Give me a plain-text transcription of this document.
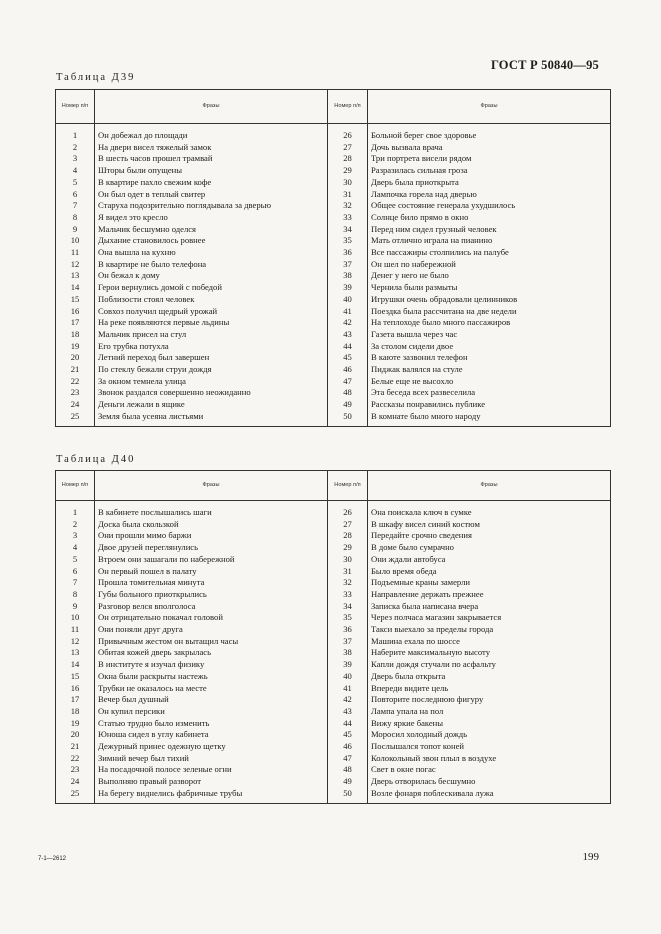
ГОСТ Р 50840—95
Таблица Д39
Номер п/п	Фразы	Номер п/п	Фразы
1	Он добежал до площади	26	Больной берег свое здоровье
2	На двери висел тяжелый замок	27	Дочь вызвала врача
3	В шесть часов прошел трамвай	28	Три портрета висели рядом
4	Шторы были опущены	29	Разразилась сильная гроза
5	В квартире пахло свежим кофе	30	Дверь была приоткрыта
6	Он был одет в теплый свитер	31	Лампочка горела над дверью
7	Старуха подозрительно поглядывала за дверью	32	Общее состояние генерала ухудшилось
8	Я видел это кресло	33	Солнце било прямо в окно
9	Мальчик бесшумно оделся	34	Перед ним сидел грузный человек
10	Дыхание становилось ровнее	35	Мать отлично играла на пианино
11	Она вышла на кухню	36	Все пассажиры столпились на палубе
12	В квартире не было телефона	37	Он шел по набережной
13	Он бежал к дому	38	Денег у него не было
14	Герои вернулись домой с победой	39	Чернила были размыты
15	Поблизости стоял человек	40	Игрушки очень обрадовали целинников
16	Совхоз получил щедрый урожай	41	Поездка была рассчитана на две недели
17	На реке появляются первые льдины	42	На теплоходе было много пассажиров
18	Мальчик присел на стул	43	Газета вышла через час
19	Его трубка потухла	44	За столом сидели двое
20	Летний переход был завершен	45	В каюте зазвонил телефон
21	По стеклу бежали струи дождя	46	Пиджак валялся на стуле
22	За окном темнела улица	47	Белые еще не высохло
23	Звонок раздался совершенно неожиданно	48	Эта беседа всех развеселила
24	Деньги лежали в ящике	49	Рассказы понравились публике
25	Земля была усеяна листьями	50	В комнате было много народу
Таблица Д40
Номер п/п	Фразы	Номер п/п	Фразы
1	В кабинете послышались шаги	26	Она поискала ключ в сумке
2	Доска была скользкой	27	В шкафу висел синий костюм
3	Они прошли мимо баржи	28	Передайте срочно сведения
4	Двое друзей переглянулись	29	В доме было сумрачно
5	Втроем они зашагали по набережной	30	Они ждали автобуса
6	Он первый пошел в палату	31	Было время обеда
7	Прошла томительная минута	32	Подъемные краны замерли
8	Губы больного приоткрылись	33	Направление держать прежнее
9	Разговор велся вполголоса	34	Записка была написана вчера
10	Он отрицательно покачал головой	35	Через полчаса магазин закрывается
11	Они поняли друг друга	36	Такси выехало за пределы города
12	Привычным жестом он вытащил часы	37	Машина ехала по шоссе
13	Обитая кожей дверь закрылась	38	Наберите максимальную высоту
14	В институте я изучал физику	39	Капли дождя стучали по асфальту
15	Окна были раскрыты настежь	40	Дверь была открыта
16	Трубки не оказалось на месте	41	Впереди видите цель
17	Вечер был душный	42	Повторите последнюю фигуру
18	Он купил персики	43	Лампа упала на пол
19	Статью трудно было изменить	44	Вижу яркие бакены
20	Юноша сидел в углу кабинета	45	Моросил холодный дождь
21	Дежурный принес одежную щетку	46	Послышался топот коней
22	Зимний вечер был тихий	47	Колокольный звон плыл в воздухе
23	На посадочной полосе зеленые огни	48	Свет в окне погас
24	Выполняю правый разворот	49	Дверь отворилась бесшумно
25	На берегу виднелись фабричные трубы	50	Возле фонаря поблескивала лужа
7-1—2612	199
